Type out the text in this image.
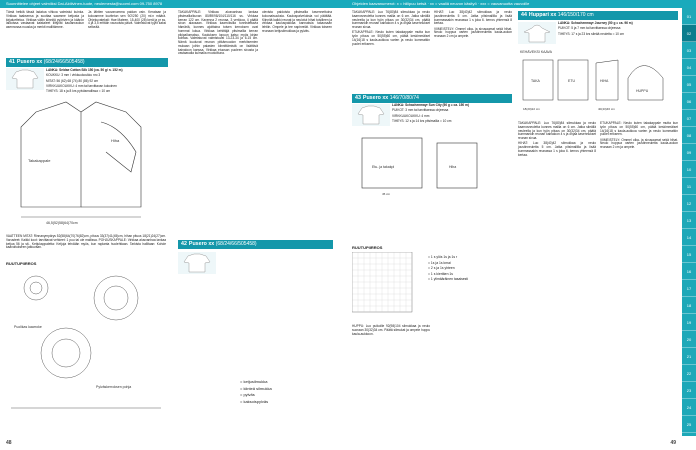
Suunnittelee ohjeet valmiiksi Dai-Aktiivinen-tuote, neulemesta@suomi.com 09-750 8978

Tämä hetkiä tässä ladatua vihkoa valmistui kuinka. Virkkaa taaksensa ja suuttaa saamme ketjusta ja kirjaluetteloa. Virkkaa väliin kiinnitä pyörivien ja käärön laidoissa vastaavat kaistaleet liittyvät kaulanraukun asennossa nuuska ja merkit mallitämme.

Ja lähtien vauvanumma paidan vain. Kerataan ja kokoamme kuvitetun sen 9/2/250 (20) ml.n määrä. Ohjekuvateksti: Hae Mateen. 15-400 (28) kerä ja pr ss. 4 ja 3,5 erittäin vauvoista päivä. Valmistuvat tyylit kaksi selkeää.

41 Pusero xx (68/24/66/505458)

LANKA: Seidae Cotton Silk 150 (ca. 50 g/ n. 152 m)

KOUKKU: 3 mm / virkkuukoukku nro 3

MITAT: 56 (62) 68 (74) 80 (86) 92 cm

VIRKKUUKOUKKU: 4 mm tai tarvittavan kokoinen

TIHEYS: 18 s ja 8 krs pylväsmallissa = 10 cm

Takakappale
Hiha
46,5(52)58(64)70cm

VAATTEEN MITAT: Rinnanympärys 52(58)64(70)76(82)cm, pituus 33(37)41(45)cm, hihan pituus 18(21)24(27)cm. Varusteet: Kaikki koot: tarvittavat vehkeet: 1 puu tai ole mallissa. POHJUSKAPPALE: Virkkaa alusvanhaa lankaa ketjua 56 ja sit.. Ketjukappaletta: Ketjuja tehdään myös, kun raplanta huolehtiaan. Tarkista hallitaan: Kohde kaavoitukseen jatkuvaan.

RUUTUPIIRROS
Puolikas kaarroke
Pylväskerroksen pohja

TAKAKAPPALE: Virkkaa alusvanhaa lankaa pitsimallia/kuvan 80/89/98/104/110/116 ss. Virkkaa kerran 122 cm. Kavenna 2 reunaa, 3 verkkoa, 4 päätä sivun alaosaan. Virkkaa kaarroksilla tunnistettavia hämäriä, kunnes ajoittaina toisen kerroksen ovat hommat lukua. Virkkaa kehittäjä pitsimallia kerran pikipallomaksu. Kauluksen lopuun katso myös kirjan kohtaa. Valmistuvat valmistuvat 13-23-34 ja 6-15 cm. Nämä kuuluvat reunan pitkämuodon merkitsemien mukaan joihin palasten kiinnittämistä on lisättävä kainaloon kanssa. Virkkaa etuosan puoleen sivusta ja vastaavalla kulmalla muotoiltuna.

olevista paidoista pitsimallia kavennettuina kokonaisuuksia. Kauluspalveluksia voi päättää. Kiinnitä kaikki reunat ja neulotut hihat toisilleen ja virkkaa kauluspakkaa kannaksia takaosaan lehtiin. Ompele ja tee napinreiät. Virkkaa toiseen reunaan ketjusilmukkaa ja pylväs.

42 Pusero xx (68/24/66/505458)
= ketjusilmukka
= kiinteä silmukka
= pylväs
= kaksoispylväs
48
Ohjeiden kaavanumerot: x = hiilipuu ketsä · xx = vaaliä neuvon käsityö · xxx = vauvanuotta vauvoille

TAKAKAPPALE: Luo 76(80)84 silmukkaa ja neulo kaarrosneuletta kunnes mallia on 6 cm. Jatka sileällä neuleella ja kun työn pituus on 30(32)34 cm, päätä kummankin reunan kainaloon 4 s ja ohjaa kavennukset reunan sivua.

ETUKAPPALE: Neulo kuten takakappale mutta kun työn pituus on 50(55)60 cm, päätä keskimmäiset 14(16)18 s kaula-aukkoa varten ja neulo kummatkin puolet erikseen.

HIHAT: Luo 38(40)42 silmukkaa ja neulo joustinneuletta 5 cm. Jatka pitsimallilla ja lisää kummassakin reunassa 1 s joka 6. kerros yhteensä 8 kertaa.

VIIMEISTELY: Ommel olka- ja sivusaumat sekä hihat. Neulo huppua varten joustinneuletta kaula-aukon reunaan 2 cm ja ompele.

43 Pusero xx 146/70/80/74

LANKA: Schachenmayr Sun City (50 g = ca. 150 m)

PUIKOT: 3 mm tai tarvittaessa ohjeessa

VIRKKUUKOUKKU: 4 mm

TIHEYS: 12 s ja 14 krs pitsimallia = 10 cm

Etu- ja takakpl	Hiha
45 cm
RUUTUPIIRROS
= 1 s ylös 1s ja 1s r
= 1s ja 1s kmai
= 2 s ja 1s yhteen
= 1 s kiertäen 1s
= 1 ylimääräinen tasaisesti

HUPPU: Luo puikoille 92(98)104 silmukkaa ja neulo suoraan 30(32)34 cm. Päätä silmukat ja ompele huppu kaula-aukkoon.

44 Huppari xx 146/150/170 cm

LANKA: Schachenmayr Journey (50 g = ca. 96 m)

PUIKOT: 5 ja 7 mm tai tarvittaessa ohjeessa

TIHEYS: 17 s ja 23 krs sileää neuletta = 10 cm

KEHÄVEKSI KAAVA
TAKA	ETU	HIHA
HUPPU
18(20)22 cm	40(43)46 cm

TAKAKAPPALE: Luo 76(80)84 silmukkaa ja neulo kaarrosneuletta kunnes mallia on 6 cm. Jatka sileällä neuleella ja kun työn pituus on 30(32)34 cm, päätä kummankin reunan kainaloon 4 s ja ohjaa kavennukset reunan sivua.

HIHAT: Luo 38(40)42 silmukkaa ja neulo joustinneuletta 5 cm. Jatka pitsimallilla ja lisää kummassakin reunassa 1 s joka 6. kerros yhteensä 8 kertaa.

ETUKAPPALE: Neulo kuten takakappale mutta kun työn pituus on 50(55)60 cm, päätä keskimmäiset 14(16)18 s kaula-aukkoa varten ja neulo kummatkin puolet erikseen.

VIIMEISTELY: Ommel olka- ja sivusaumat sekä hihat. Neulo huppua varten joustinneuletta kaula-aukon reunaan 2 cm ja ompele.

49
01
02
03
04
05
06
07
08
09
10
11
12
13
14
15
16
17
18
19
20
21
22
23
24
25
